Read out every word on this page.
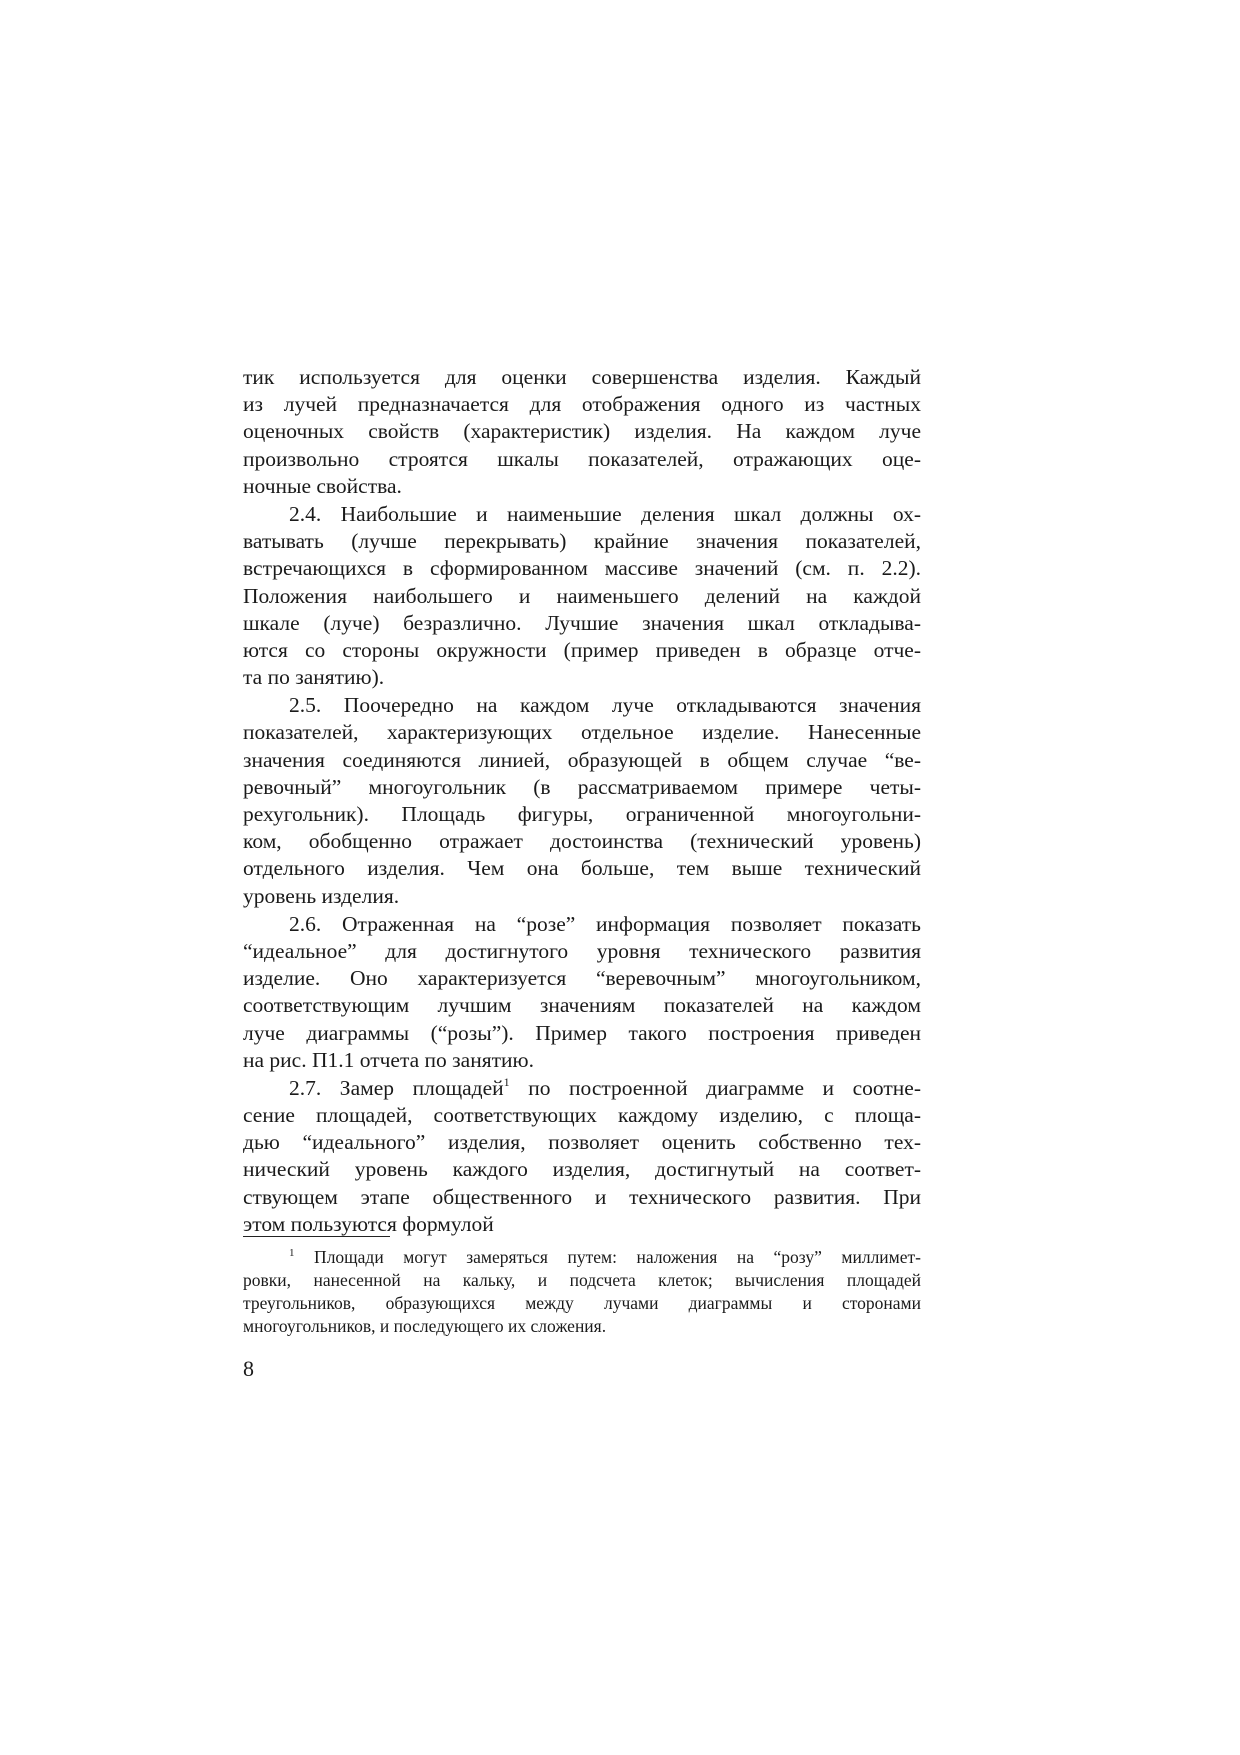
тик используется для оценки совершенства изделия. Каждый
из лучей предназначается для отображения одного из частных
оценочных свойств (характеристик) изделия. На каждом луче
произвольно строятся шкалы показателей, отражающих оце-
ночные свойства.
2.4. Наибольшие и наименьшие деления шкал должны ох-
ватывать (лучше перекрывать) крайние значения показателей,
встречающихся в сформированном массиве значений (см. п. 2.2).
Положения наибольшего и наименьшего делений на каждой
шкале (луче) безразлично. Лучшие значения шкал откладыва-
ются со стороны окружности (пример приведен в образце отче-
та по занятию).
2.5. Поочередно на каждом луче откладываются значения
показателей, характеризующих отдельное изделие. Нанесенные
значения соединяются линией, образующей в общем случае “ве-
ревочный” многоугольник (в рассматриваемом примере четы-
рехугольник). Площадь фигуры, ограниченной многоугольни-
ком, обобщенно отражает достоинства (технический уровень)
отдельного изделия. Чем она больше, тем выше технический
уровень изделия.
2.6. Отраженная на “розе” информация позволяет показать
“идеальное” для достигнутого уровня технического развития
изделие. Оно характеризуется “веревочным” многоугольником,
соответствующим лучшим значениям показателей на каждом
луче диаграммы (“розы”). Пример такого построения приведен
на рис. П1.1 отчета по занятию.
2.7. Замер площадей$^1$ по построенной диаграмме и соотне-
сение площадей, соответствующих каждому изделию, с площа-
дью “идеального” изделия, позволяет оценить собственно тех-
нический уровень каждого изделия, достигнутый на соответ-
ствующем этапе общественного и технического развития. При
этом пользуются формулой
$^1$ Площади могут замеряться путем: наложения на “розу” миллимет-
ровки, нанесенной на кальку, и подсчета клеток; вычисления площадей
треугольников, образующихся между лучами диаграммы и сторонами
многоугольников, и последующего их сложения.
8
